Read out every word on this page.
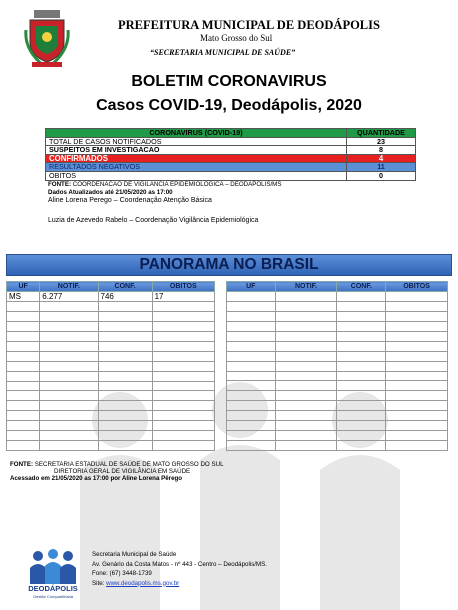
PREFEITURA MUNICIPAL DE DEODÁPOLIS
Mato Grosso do Sul
“SECRETARIA MUNICIPAL DE SAÚDE”
BOLETIM CORONAVIRUS
Casos COVID-19, Deodápolis, 2020
CORONAVIRUS (COVID-19)	QUANTIDADE
TOTAL DE CASOS NOTIFICADOS	23
SUSPEITOS EM INVESTIGACAO	8
CONFIRMADOS	4
RESULTADOS NEGATIVOS	11
OBITOS	0
FONTE: COORDENACAO DE VIGILANCIA EPIDEMIOLOGICA – DEODAPOLIS/MS
Dados Atualizados até 21/05/2020 as 17:00
Aline Lorena Perego – Coordenação Atenção Básica
Luzia de Azevedo Rabelo – Coordenação Vigilância Epidemiológica
PANORAMA NO BRASIL
UF	NOTIF.	CONF.	OBITOS
MS	6.277	746	17

UF	NOTIF.	CONF.	OBITOS

FONTE: SECRETARIA ESTADUAL DE SAÚDE DE MATO GROSSO DO SUL
DIRETORIA GERAL DE VIGILÂNCIA EM SAÚDE
Acessado em 21/05/2020 as 17:00 por Aline Lorena Pêrego
DEODÁPOLIS
Gestão Compartilhada
Secretaria Municipal de Saúde
Av. Genário da Costa Matos - nº 443 - Centro – Deodápolis/MS.
Fone: (67) 3448-1739
Site: www.deodapolis.ms.gov.br
